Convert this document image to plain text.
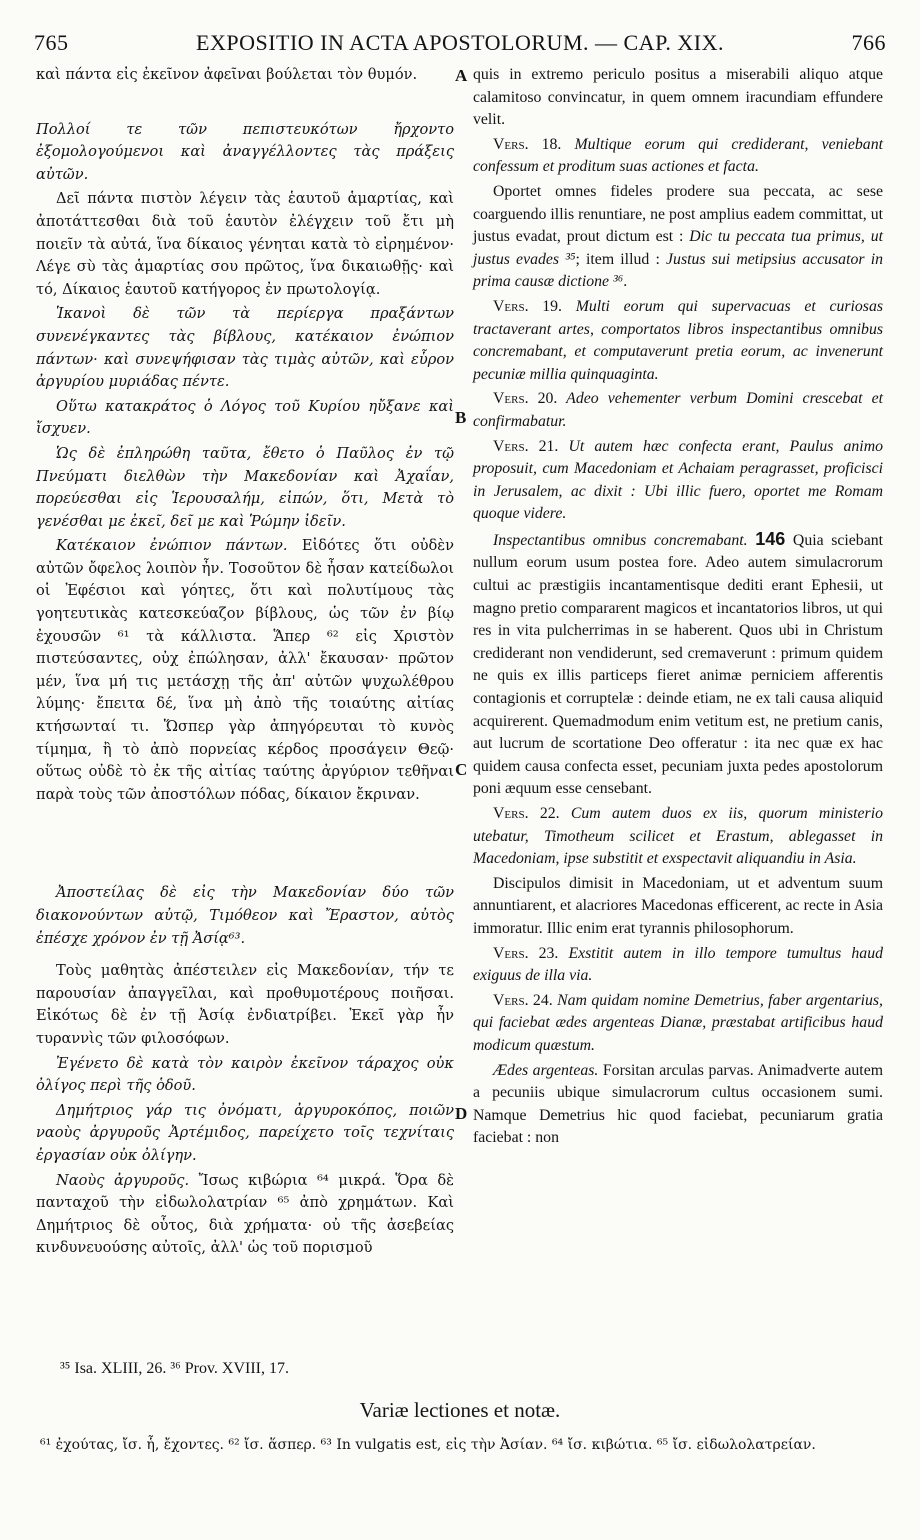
765	EXPOSITIO IN ACTA APOSTOLORUM. — CAP. XIX.	766
A
B
C
D

καὶ πάντα εἰς ἐκεῖνον ἀφεῖναι βούλεται τὸν θυμόν.

Πολλοί τε τῶν πεπιστευκότων ἤρχοντο ἐξομολογούμενοι καὶ ἀναγγέλλοντες τὰς πράξεις αὐτῶν.

Δεῖ πάντα πιστὸν λέγειν τὰς ἑαυτοῦ ἁμαρτίας, καὶ ἀποτάττεσθαι διὰ τοῦ ἑαυτὸν ἐλέγχειν τοῦ ἔτι μὴ ποιεῖν τὰ αὐτά, ἵνα δίκαιος γένηται κατὰ τὸ εἰρημένον· Λέγε σὺ τὰς ἁμαρτίας σου πρῶτος, ἵνα δικαιωθῇς· καὶ τό, Δίκαιος ἑαυτοῦ κατήγορος ἐν πρωτολογίᾳ.

Ἱκανοὶ δὲ τῶν τὰ περίεργα πραξάντων συνενέγκαντες τὰς βίβλους, κατέκαιον ἐνώπιον πάντων· καὶ συνεψήφισαν τὰς τιμὰς αὐτῶν, καὶ εὗρον ἀργυρίου μυριάδας πέντε.

Οὕτω κατακράτος ὁ Λόγος τοῦ Κυρίου ηὔξανε καὶ ἴσχυεν.

Ὡς δὲ ἐπληρώθη ταῦτα, ἔθετο ὁ Παῦλος ἐν τῷ Πνεύματι διελθὼν τὴν Μακεδονίαν καὶ Ἀχαΐαν, πορεύεσθαι εἰς Ἱερουσαλήμ, εἰπών, ὅτι, Μετὰ τὸ γενέσθαι με ἐκεῖ, δεῖ με καὶ Ῥώμην ἰδεῖν.

Κατέκαιον ἐνώπιον πάντων. Εἰδότες ὅτι οὐδὲν αὐτῶν ὄφελος λοιπὸν ἦν. Τοσοῦτον δὲ ἦσαν κατείδωλοι οἱ Ἐφέσιοι καὶ γόητες, ὅτι καὶ πολυτίμους τὰς γοητευτικὰς κατεσκεύαζον βίβλους, ὡς τῶν ἐν βίῳ ἐχουσῶν ⁶¹ τὰ κάλλιστα. Ἅπερ ⁶² εἰς Χριστὸν πιστεύσαντες, οὐχ ἐπώλησαν, ἀλλ' ἔκαυσαν· πρῶτον μέν, ἵνα μή τις μετάσχῃ τῆς ἀπ' αὐτῶν ψυχωλέθρου λύμης· ἔπειτα δέ, ἵνα μὴ ἀπὸ τῆς τοιαύτης αἰτίας κτήσωνταί τι. Ὥσπερ γὰρ ἀπηγόρευται τὸ κυνὸς τίμημα, ἢ τὸ ἀπὸ πορνείας κέρδος προσάγειν Θεῷ· οὕτως οὐδὲ τὸ ἐκ τῆς αἰτίας ταύτης ἀργύριον τεθῆναι παρὰ τοὺς τῶν ἀποστόλων πόδας, δίκαιον ἔκριναν.

Ἀποστείλας δὲ εἰς τὴν Μακεδονίαν δύο τῶν διακονούντων αὐτῷ, Τιμόθεον καὶ Ἔραστον, αὐτὸς ἐπέσχε χρόνον ἐν τῇ Ἀσίᾳ⁶³.

Τοὺς μαθητὰς ἀπέστειλεν εἰς Μακεδονίαν, τήν τε παρουσίαν ἀπαγγεῖλαι, καὶ προθυμοτέρους ποιῆσαι. Εἰκότως δὲ ἐν τῇ Ἀσίᾳ ἐνδιατρίβει. Ἐκεῖ γὰρ ἦν τυραννὶς τῶν φιλοσόφων.

Ἐγένετο δὲ κατὰ τὸν καιρὸν ἐκεῖνον τάραχος οὐκ ὀλίγος περὶ τῆς ὁδοῦ.

Δημήτριος γάρ τις ὀνόματι, ἀργυροκόπος, ποιῶν ναοὺς ἀργυροῦς Ἀρτέμιδος, παρείχετο τοῖς τεχνίταις ἐργασίαν οὐκ ὀλίγην.

Ναοὺς ἀργυροῦς. Ἴσως κιβώρια ⁶⁴ μικρά. Ὅρα δὲ πανταχοῦ τὴν εἰδωλολατρίαν ⁶⁵ ἀπὸ χρημάτων. Καὶ Δημήτριος δὲ οὗτος, διὰ χρήματα· οὐ τῆς ἀσεβείας κινδυνευούσης αὐτοῖς, ἀλλ' ὡς τοῦ πορισμοῦ

quis in extremo periculo positus a miserabili aliquo atque calamitoso convincatur, in quem omnem iracundiam effundere velit.

Vers. 18. Multique eorum qui crediderant, veniebant confessum et proditum suas actiones et facta.

Oportet omnes fideles prodere sua peccata, ac sese coarguendo illis renuntiare, ne post amplius eadem committat, ut justus evadat, prout dictum est : Dic tu peccata tua primus, ut justus evades ³⁵; item illud : Justus sui metipsius accusator in prima causæ dictione ³⁶.

Vers. 19. Multi eorum qui supervacuas et curiosas tractaverant artes, comportatos libros inspectantibus omnibus concremabant, et computaverunt pretia eorum, ac invenerunt pecuniæ millia quinquaginta.

Vers. 20. Adeo vehementer verbum Domini crescebat et confirmabatur.

Vers. 21. Ut autem hæc confecta erant, Paulus animo proposuit, cum Macedoniam et Achaiam peragrasset, proficisci in Jerusalem, ac dixit : Ubi illic fuero, oportet me Romam quoque videre.

Inspectantibus omnibus concremabant. 146 Quia sciebant nullum eorum usum postea fore. Adeo autem simulacrorum cultui ac præstigiis incantamentisque dediti erant Ephesii, ut magno pretio compararent magicos et incantatorios libros, ut qui res in vita pulcherrimas in se haberent. Quos ubi in Christum crediderant non vendiderunt, sed cremaverunt : primum quidem ne quis ex illis particeps fieret animæ perniciem afferentis contagionis et corruptelæ : deinde etiam, ne ex tali causa aliquid acquirerent. Quemadmodum enim vetitum est, ne pretium canis, aut lucrum de scortatione Deo offeratur : ita nec quæ ex hac quidem causa confecta esset, pecuniam juxta pedes apostolorum poni æquum esse censebant.

Vers. 22. Cum autem duos ex iis, quorum ministerio utebatur, Timotheum scilicet et Erastum, ablegasset in Macedoniam, ipse substitit et exspectavit aliquandiu in Asia.

Discipulos dimisit in Macedoniam, ut et adventum suum annuntiarent, et alacriores Macedonas efficerent, ac recte in Asia immoratur. Illic enim erat tyrannis philosophorum.

Vers. 23. Exstitit autem in illo tempore tumultus haud exiguus de illa via.

Vers. 24. Nam quidam nomine Demetrius, faber argentarius, qui faciebat ædes argenteas Dianæ, præstabat artificibus haud modicum quæstum.

Ædes argenteas. Forsitan arculas parvas. Animadverte autem a pecuniis ubique simulacrorum cultus occasionem sumi. Namque Demetrius hic quod faciebat, pecuniarum gratia faciebat : non

³⁵ Isa. XLIII, 26. ³⁶ Prov. XVIII, 17.
Variæ lectiones et notæ.
⁶¹ ἐχούτας, ἴσ. ἧ, ἔχοντες. ⁶² ἴσ. ἅσπερ. ⁶³ In vulgatis est, εἰς τὴν Ἀσίαν. ⁶⁴ ἴσ. κιβώτια. ⁶⁵ ἴσ. εἰδωλολατρείαν.
